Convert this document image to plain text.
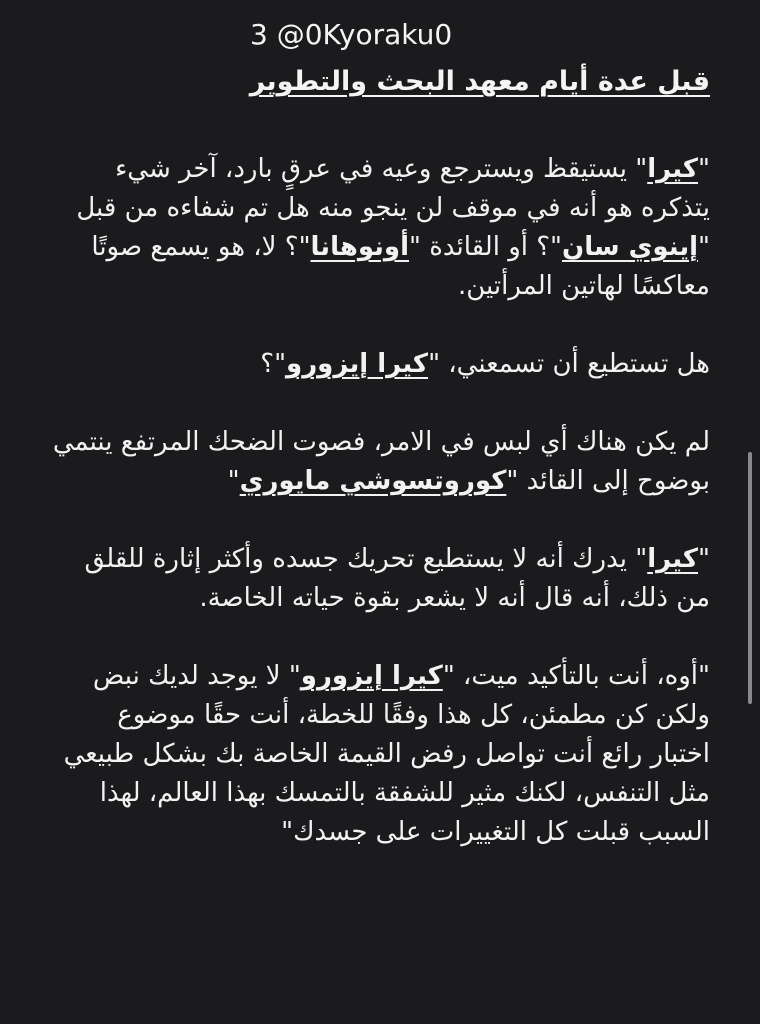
3 @0Kyoraku0
قبل عدة أيام معهد البحث والتطوير

"كيرا" يستيقظ ويسترجع وعيه في عرقٍ بارد، آخر شيء يتذكره هو أنه في موقف لن ينجو منه هل تم شفاءه من قبل "إينوي سان"؟ أو القائدة "أونوهانا"؟ لا، هو يسمع صوتًا معاكسًا لهاتين المرأتين.

هل تستطيع أن تسمعني، "كيرا إيزورو"؟

لم يكن هناك أي لبس في الامر، فصوت الضحك المرتفع ينتمي بوضوح إلى القائد "كوروتسوشي مايوري"

"كيرا" يدرك أنه لا يستطيع تحريك جسده وأكثر إثارة للقلق من ذلك، أنه قال أنه لا يشعر بقوة حياته الخاصة.

"أوه، أنت بالتأكيد ميت، "كيرا إيزورو" لا يوجد لديك نبض ولكن كن مطمئن، كل هذا وفقًا للخطة، أنت حقًا موضوع اختبار رائع أنت تواصل رفض القيمة الخاصة بك بشكل طبيعي مثل التنفس، لكنك مثير للشفقة بالتمسك بهذا العالم، لهذا السبب قبلت كل التغييرات على جسدك"
